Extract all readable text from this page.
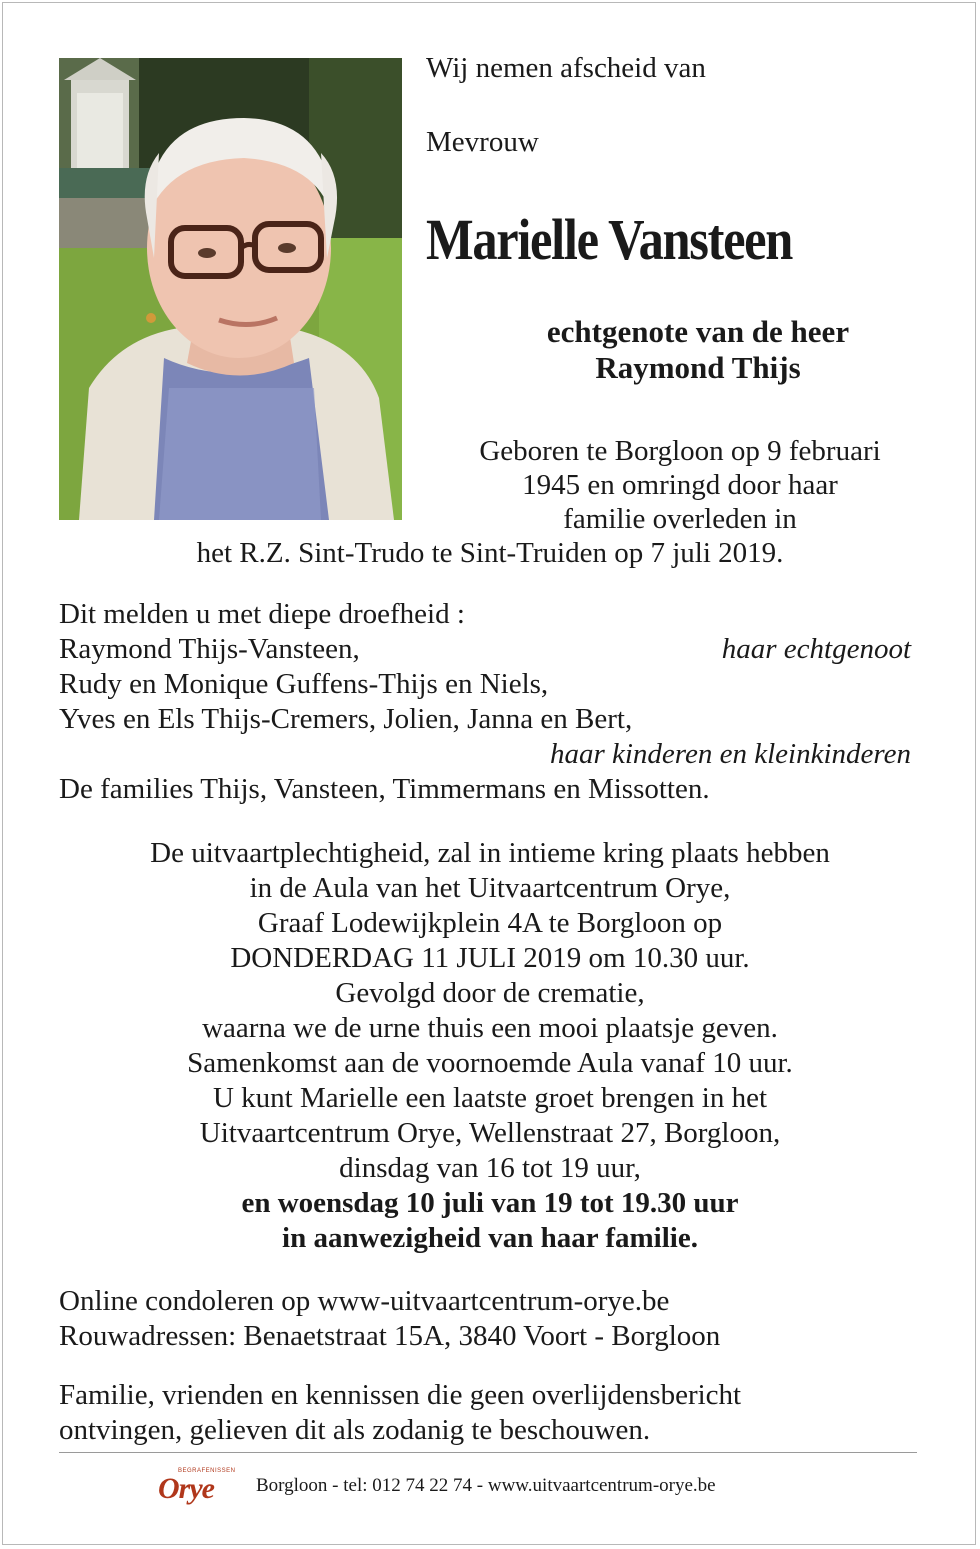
Wij nemen afscheid van

Mevrouw

Marielle Vansteen

echtgenote van de heer
Raymond Thijs
Geboren te Borgloon op 9 februari
1945 en omringd door haar
familie overleden in
het R.Z. Sint-Trudo te Sint-Truiden op 7 juli 2019.
Dit melden u met diepe droefheid :
Raymond Thijs-Vansteen,	haar echtgenoot
Rudy en Monique Guffens-Thijs en Niels,
Yves en Els Thijs-Cremers, Jolien, Janna en Bert,
haar kinderen en kleinkinderen
De families Thijs, Vansteen, Timmermans en Missotten.
De uitvaartplechtigheid, zal in intieme kring plaats hebben
in de Aula van het Uitvaartcentrum Orye,
Graaf Lodewijkplein 4A te Borgloon op
DONDERDAG 11 JULI 2019 om 10.30 uur.
Gevolgd door de crematie,
waarna we de urne thuis een mooi plaatsje geven.
Samenkomst aan de voornoemde Aula vanaf 10 uur.
U kunt Marielle een laatste groet brengen in het
Uitvaartcentrum Orye, Wellenstraat 27, Borgloon,
dinsdag van 16 tot 19 uur,
en woensdag 10 juli van 19 tot 19.30 uur
in aanwezigheid van haar familie.
Online condoleren op www-uitvaartcentrum-orye.be
Rouwadressen: Benaetstraat 15A, 3840 Voort - Borgloon
Familie, vrienden en kennissen die geen overlijdensbericht
ontvingen, gelieven dit als zodanig te beschouwen.
BEGRAFENISSEN
Orye Borgloon - tel: 012 74 22 74 - www.uitvaartcentrum-orye.be
